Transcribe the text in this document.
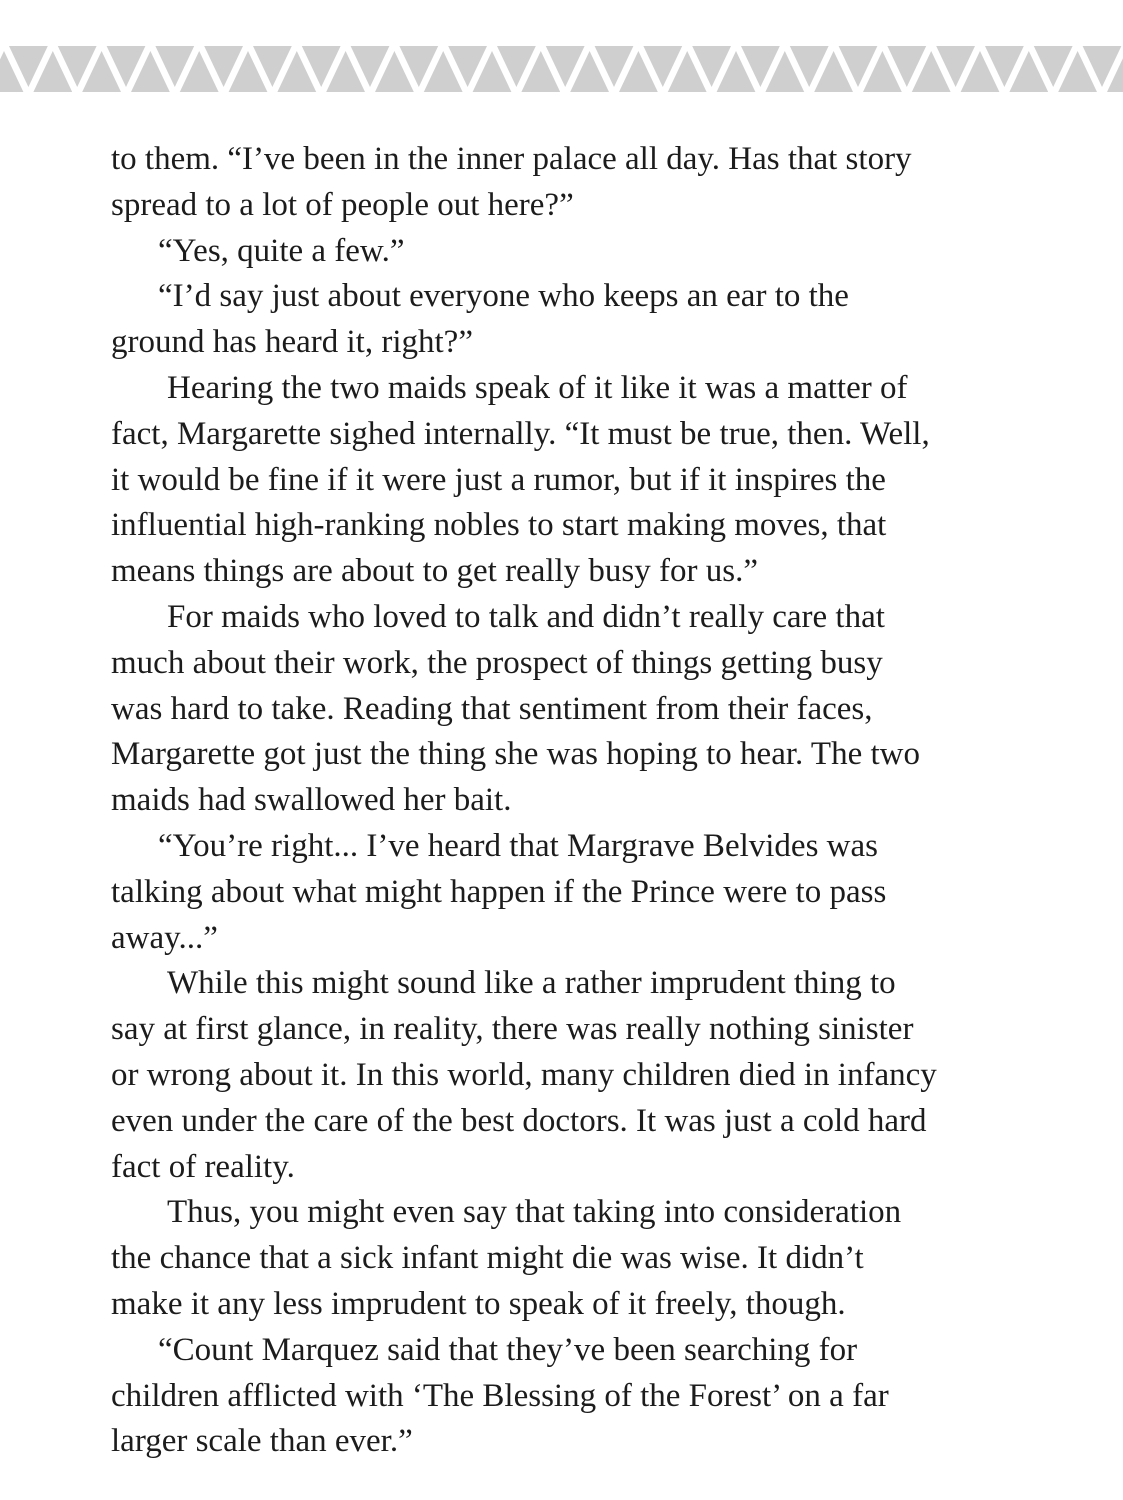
to them. “I’ve been in the inner palace all day. Has that story
spread to a lot of people out here?”
“Yes, quite a few.”
“I’d say just about everyone who keeps an ear to the
ground has heard it, right?”
Hearing the two maids speak of it like it was a matter of
fact, Margarette sighed internally. “It must be true, then. Well,
it would be fine if it were just a rumor, but if it inspires the
influential high-ranking nobles to start making moves, that
means things are about to get really busy for us.”
For maids who loved to talk and didn’t really care that
much about their work, the prospect of things getting busy
was hard to take. Reading that sentiment from their faces,
Margarette got just the thing she was hoping to hear. The two
maids had swallowed her bait.
“You’re right... I’ve heard that Margrave Belvides was
talking about what might happen if the Prince were to pass
away...”
While this might sound like a rather imprudent thing to
say at first glance, in reality, there was really nothing sinister
or wrong about it. In this world, many children died in infancy
even under the care of the best doctors. It was just a cold hard
fact of reality.
Thus, you might even say that taking into consideration
the chance that a sick infant might die was wise. It didn’t
make it any less imprudent to speak of it freely, though.
“Count Marquez said that they’ve been searching for
children afflicted with ‘The Blessing of the Forest’ on a far
larger scale than ever.”
